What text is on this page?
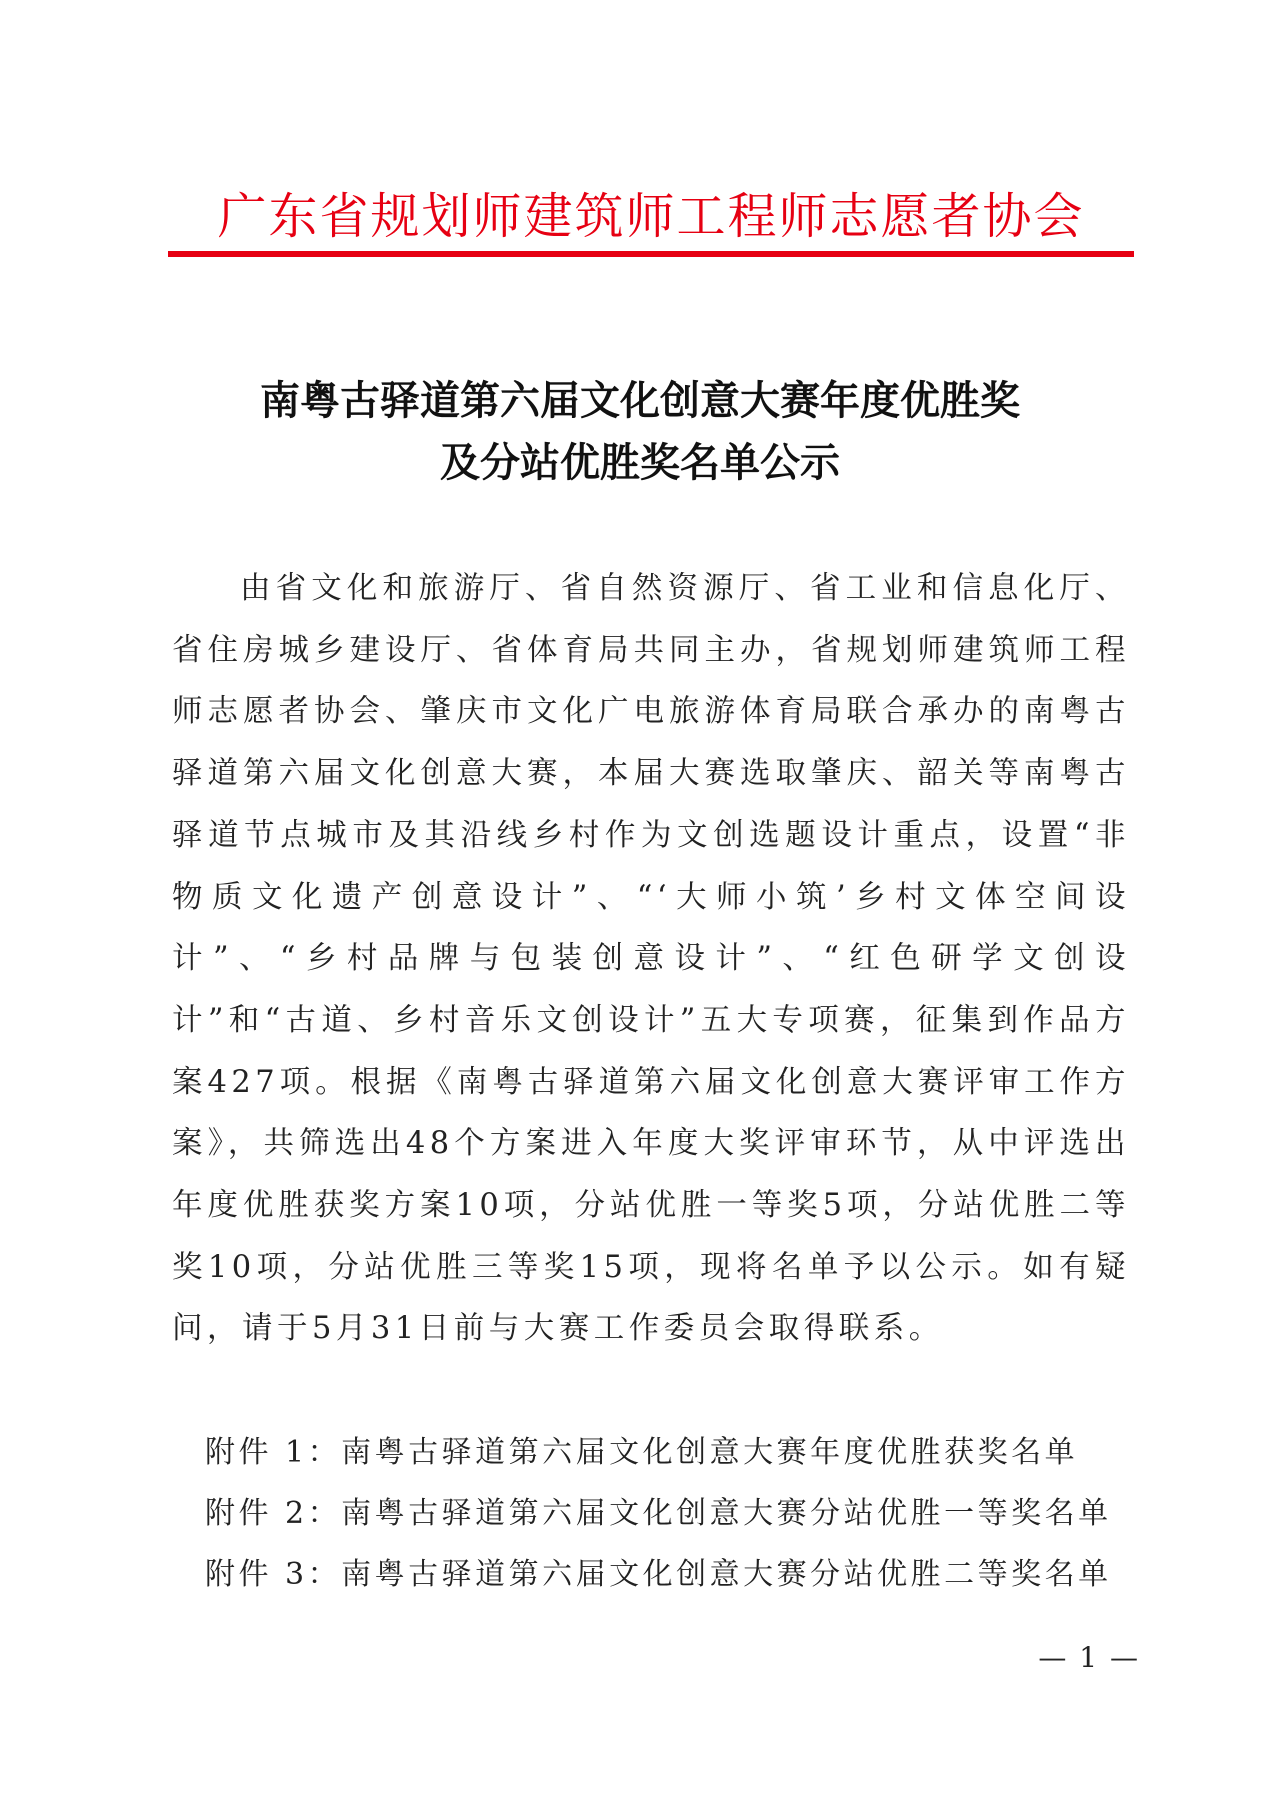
广东省规划师建筑师工程师志愿者协会
南粤古驿道第六届文化创意大赛年度优胜奖
及分站优胜奖名单公示
由省文化和旅游厅、省自然资源厅、省工业和信息化厅、省住房城乡建设厅、省体育局共同主办，省规划师建筑师工程师志愿者协会、肇庆市文化广电旅游体育局联合承办的南粤古驿道第六届文化创意大赛，本届大赛选取肇庆、韶关等南粤古驿道节点城市及其沿线乡村作为文创选题设计重点，设置“非物质文化遗产创意设计”、“‘大师小筑’乡村文体空间设计”、“乡村品牌与包装创意设计”、“红色研学文创设计”和“古道、乡村音乐文创设计”五大专项赛，征集到作品方案427项。根据《南粤古驿道第六届文化创意大赛评审工作方案》，共筛选出48个方案进入年度大奖评审环节，从中评选出年度优胜获奖方案10项，分站优胜一等奖5项，分站优胜二等奖10项，分站优胜三等奖15项，现将名单予以公示。如有疑问，请于5月31日前与大赛工作委员会取得联系。
附件 1：南粤古驿道第六届文化创意大赛年度优胜获奖名单
附件 2：南粤古驿道第六届文化创意大赛分站优胜一等奖名单
附件 3：南粤古驿道第六届文化创意大赛分站优胜二等奖名单
— 1 —
